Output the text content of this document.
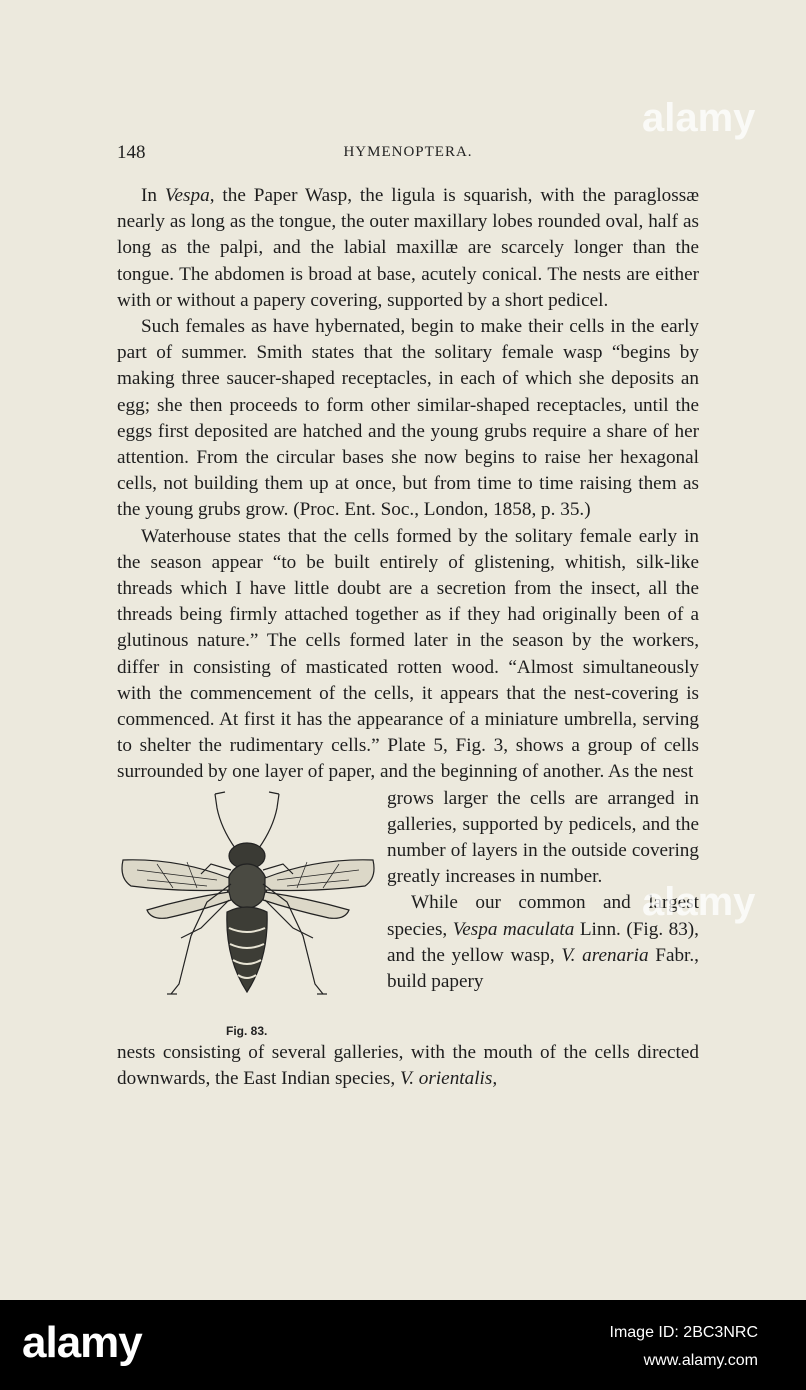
148	HYMENOPTERA.

In Vespa, the Paper Wasp, the ligula is squarish, with the paraglossæ nearly as long as the tongue, the outer maxillary lobes rounded oval, half as long as the palpi, and the labial maxillæ are scarcely longer than the tongue. The abdomen is broad at base, acutely conical. The nests are either with or without a papery covering, supported by a short pedicel.

Such females as have hybernated, begin to make their cells in the early part of summer. Smith states that the solitary female wasp “begins by making three saucer-shaped receptacles, in each of which she deposits an egg; she then proceeds to form other similar-shaped receptacles, until the eggs first deposited are hatched and the young grubs require a share of her attention. From the circular bases she now begins to raise her hexagonal cells, not building them up at once, but from time to time raising them as the young grubs grow. (Proc. Ent. Soc., London, 1858, p. 35.)

Waterhouse states that the cells formed by the solitary female early in the season appear “to be built entirely of glistening, whitish, silk-like threads which I have little doubt are a secretion from the insect, all the threads being firmly attached together as if they had originally been of a glutinous nature.” The cells formed later in the season by the workers, differ in consisting of masticated rotten wood. “Almost simultaneously with the commencement of the cells, it appears that the nest-covering is commenced. At first it has the appearance of a miniature umbrella, serving to shelter the rudimentary cells.” Plate 5, Fig. 3, shows a group of cells surrounded by one layer of paper, and the beginning of another. As the nest

Fig. 83.

grows larger the cells are arranged in galleries, supported by pedicels, and the number of layers in the outside covering greatly increases in number.

While our common and largest species, Vespa maculata Linn. (Fig. 83), and the yellow wasp, V. arenaria Fabr., build papery

nests consisting of several galleries, with the mouth of the cells directed downwards, the East Indian species, V. orientalis,

alamy
alamy
alamy	Image ID: 2BC3NRC
www.alamy.com
